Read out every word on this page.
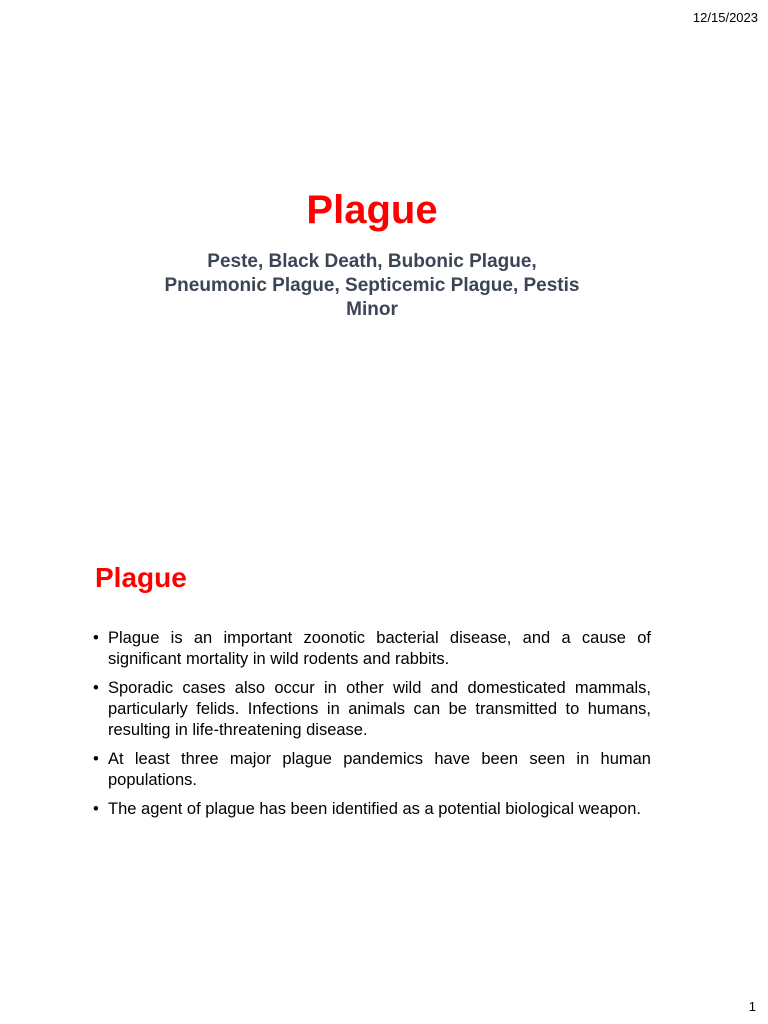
12/15/2023
Plague
Peste, Black Death, Bubonic Plague,
Pneumonic Plague, Septicemic Plague, Pestis
Minor
Plague
• Plague is an important zoonotic bacterial disease, and a cause of significant mortality in wild rodents and rabbits.
• Sporadic cases also occur in other wild and domesticated mammals, particularly felids. Infections in animals can be transmitted to humans, resulting in life-threatening disease.
• At least three major plague pandemics have been seen in human populations.
• The agent of plague has been identified as a potential biological weapon.
1
